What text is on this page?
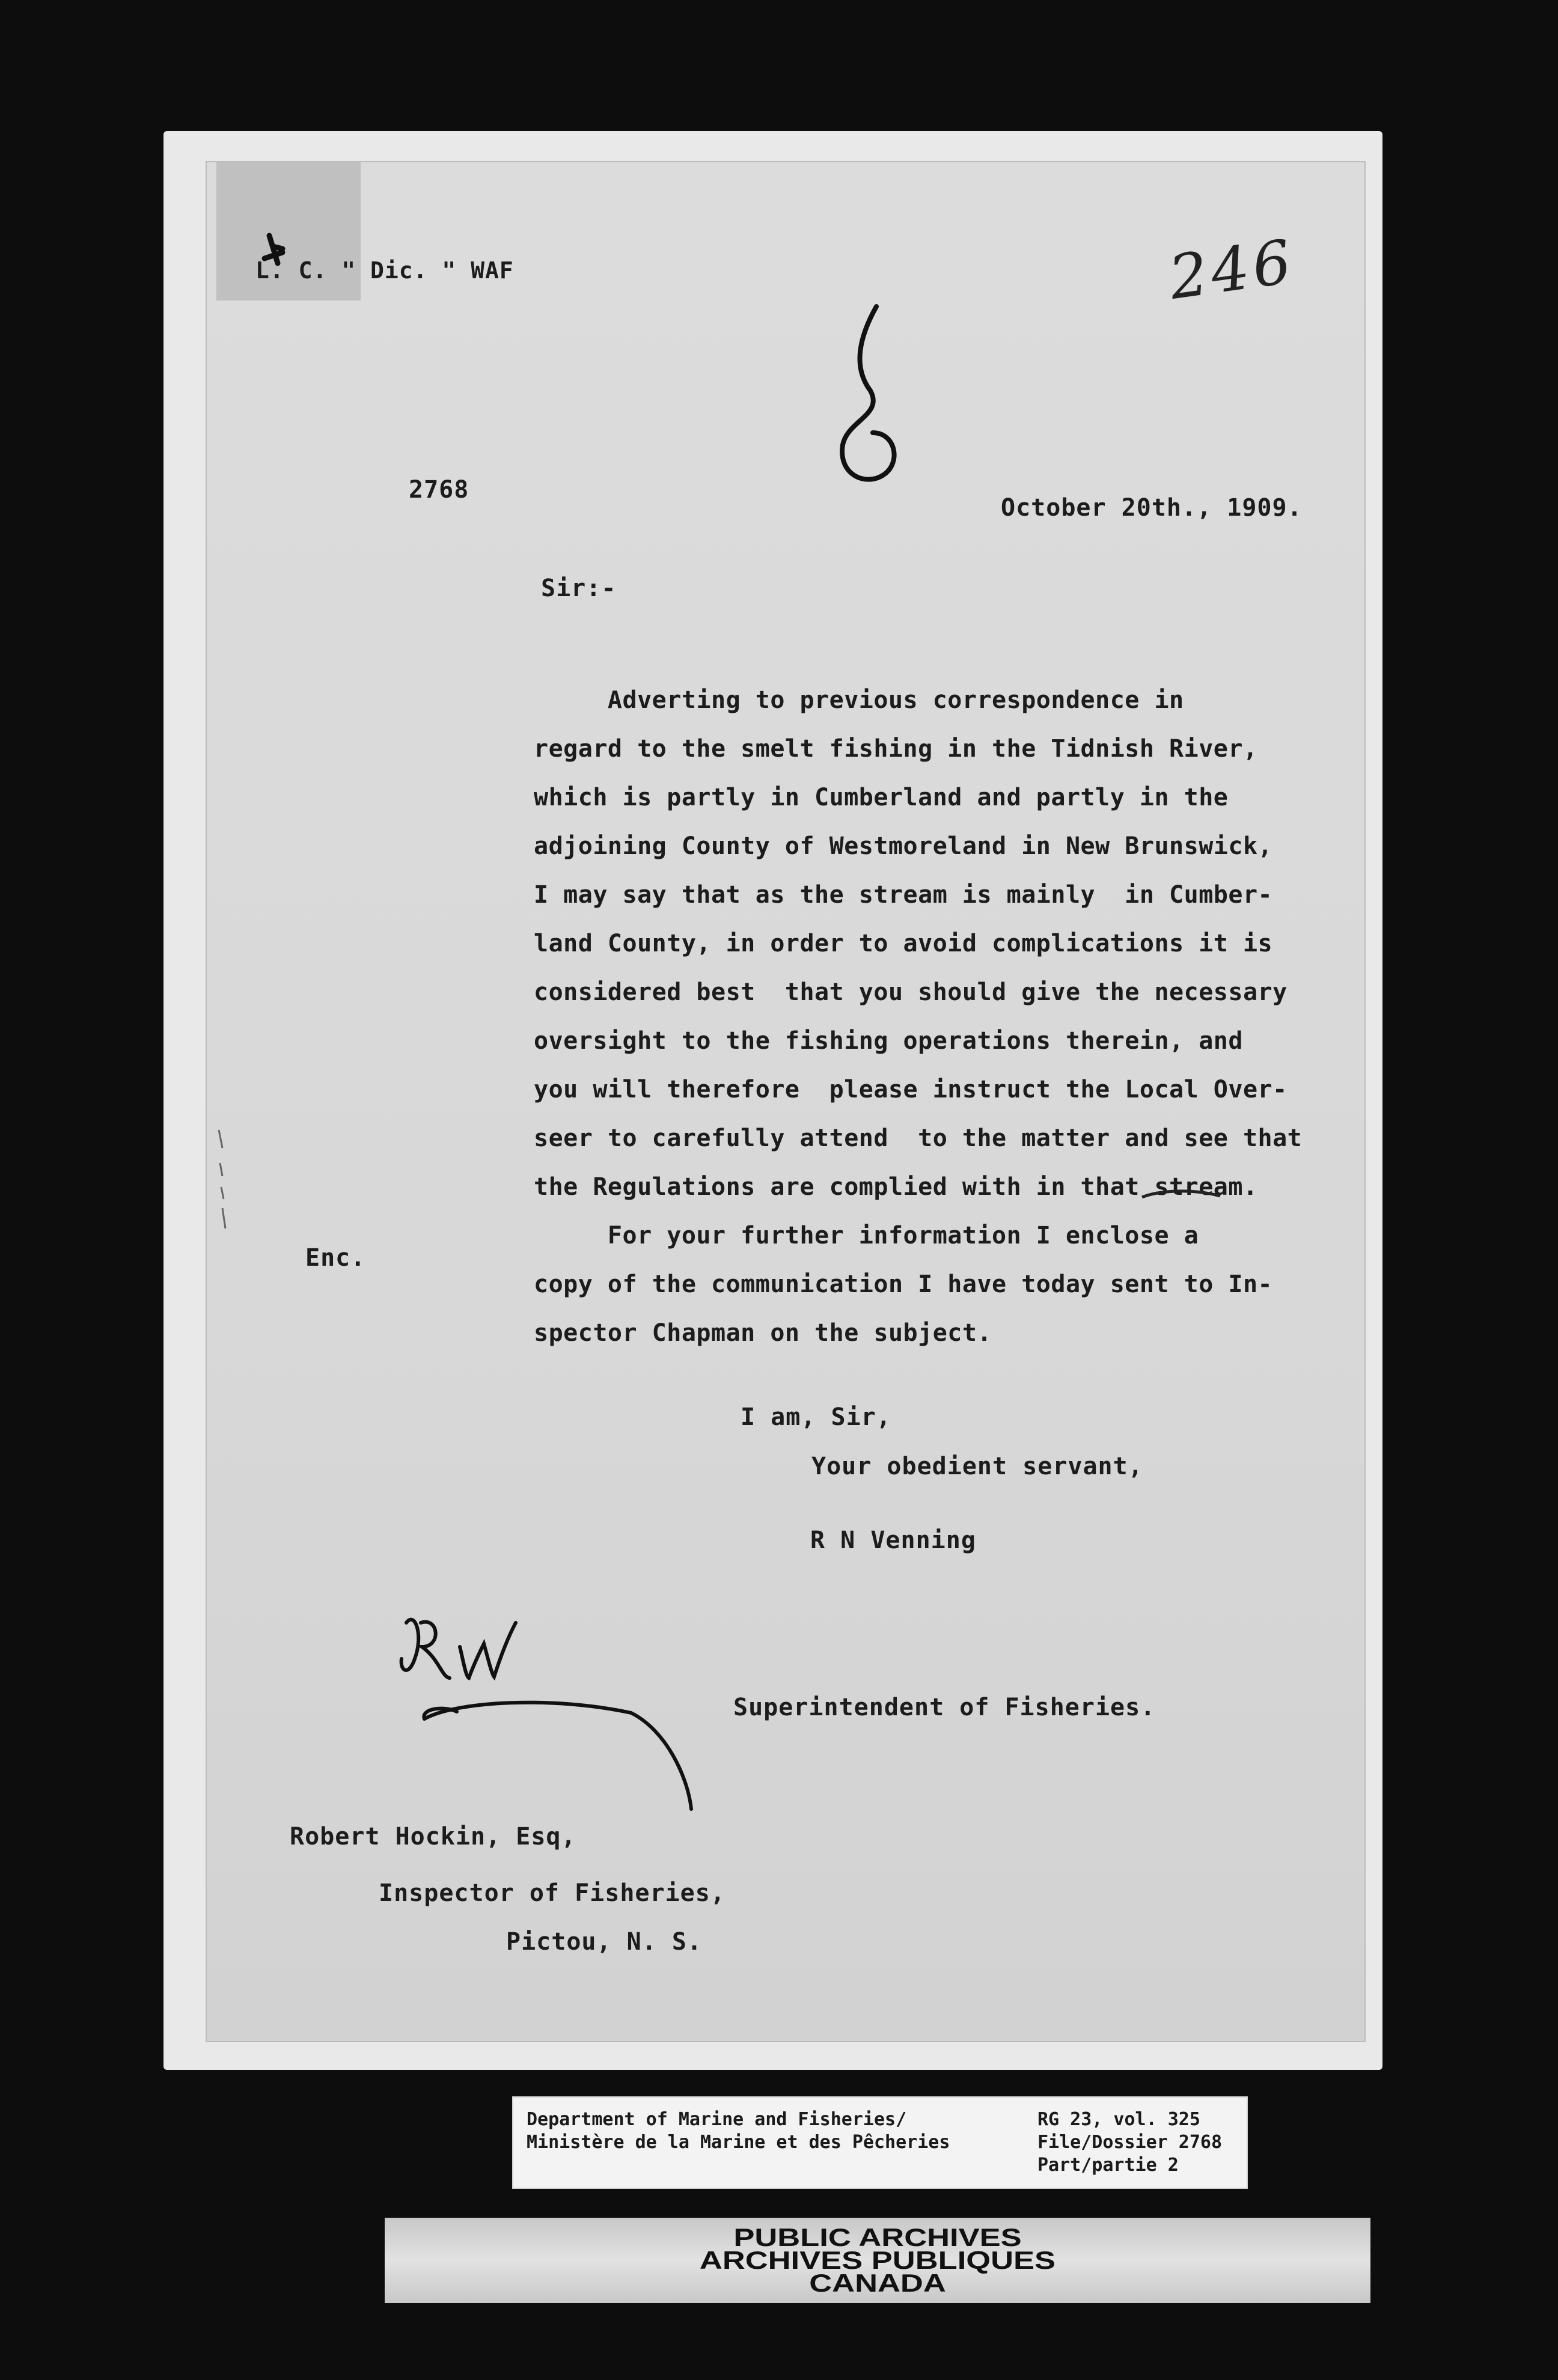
L. C. " Dic. " WAF	246
2768
October 20th., 1909.
Sir:-
Adverting to previous correspondence in
regard to the smelt fishing in the Tidnish River,
which is partly in Cumberland and partly in the
adjoining County of Westmoreland in New Brunswick,
I may say that as the stream is mainly  in Cumber-
land County, in order to avoid complications it is
considered best  that you should give the necessary
oversight to the fishing operations therein, and
you will therefore  please instruct the Local Over-
seer to carefully attend  to the matter and see that
the Regulations are complied with in that stream.
For your further information I enclose a
copy of the communication I have today sent to In-
spector Chapman on the subject.
Enc.
I am, Sir,
Your obedient servant,
R N Venning
Superintendent of Fisheries.
Robert Hockin, Esq,
Inspector of Fisheries,
Pictou, N. S.
Department of Marine and Fisheries/
Ministère de la Marine et des Pêcheries
RG 23, vol. 325
File/Dossier 2768
Part/partie 2
PUBLIC ARCHIVES
ARCHIVES PUBLIQUES
CANADA
